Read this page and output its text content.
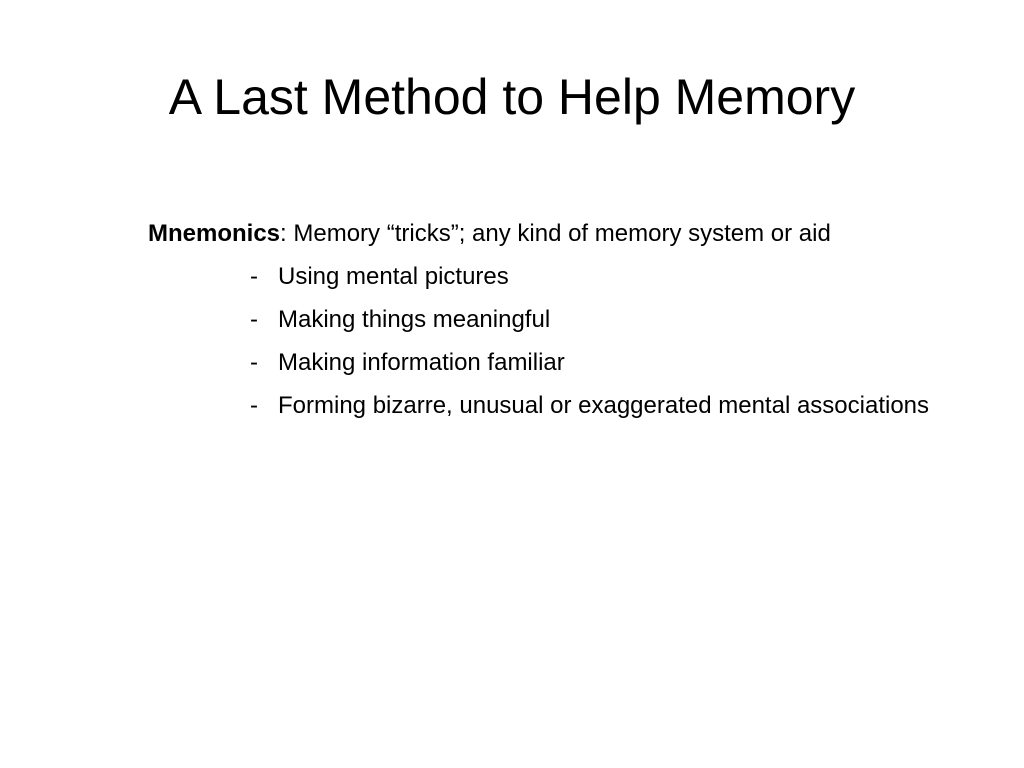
A Last Method to Help Memory
Mnemonics: Memory “tricks”; any kind of memory system or aid
- Using mental pictures
- Making things meaningful
- Making information familiar
- Forming bizarre, unusual or exaggerated mental associations
